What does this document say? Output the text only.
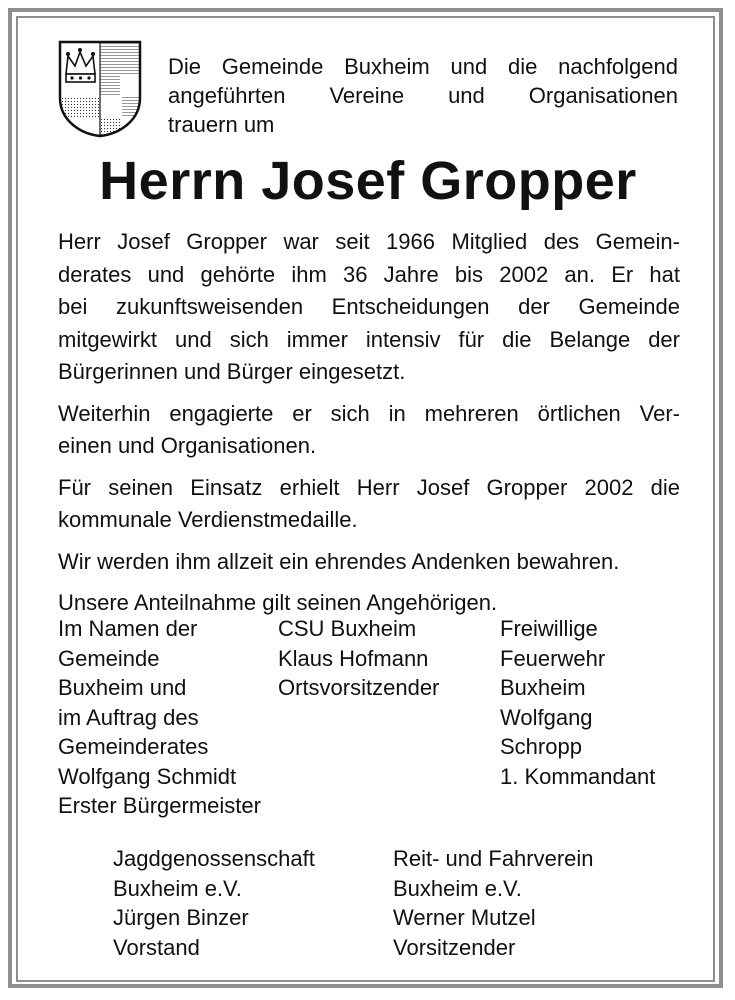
Die Gemeinde Buxheim und die nachfolgend
angeführten Vereine und Organisationen
trauern um
Herrn Josef Gropper
Herr Josef Gropper war seit 1966 Mitglied des Gemein-
derates und gehörte ihm 36 Jahre bis 2002 an. Er hat
bei zukunftsweisenden Entscheidungen der Gemeinde
mitgewirkt und sich immer intensiv für die Belange der
Bürgerinnen und Bürger eingesetzt.
Weiterhin engagierte er sich in mehreren örtlichen Ver-
einen und Organisationen.
Für seinen Einsatz erhielt Herr Josef Gropper 2002 die
kommunale Verdienstmedaille.
Wir werden ihm allzeit ein ehrendes Andenken bewahren.
Unsere Anteilnahme gilt seinen Angehörigen.
Im Namen der
Gemeinde
Buxheim und
im Auftrag des
Gemeinderates
Wolfgang Schmidt
Erster Bürgermeister
CSU Buxheim
Klaus Hofmann
Ortsvorsitzender
Freiwillige
Feuerwehr
Buxheim
Wolfgang
Schropp
1. Kommandant
Jagdgenossenschaft
Buxheim e.V.
Jürgen Binzer
Vorstand
Reit- und Fahrverein
Buxheim e.V.
Werner Mutzel
Vorsitzender
